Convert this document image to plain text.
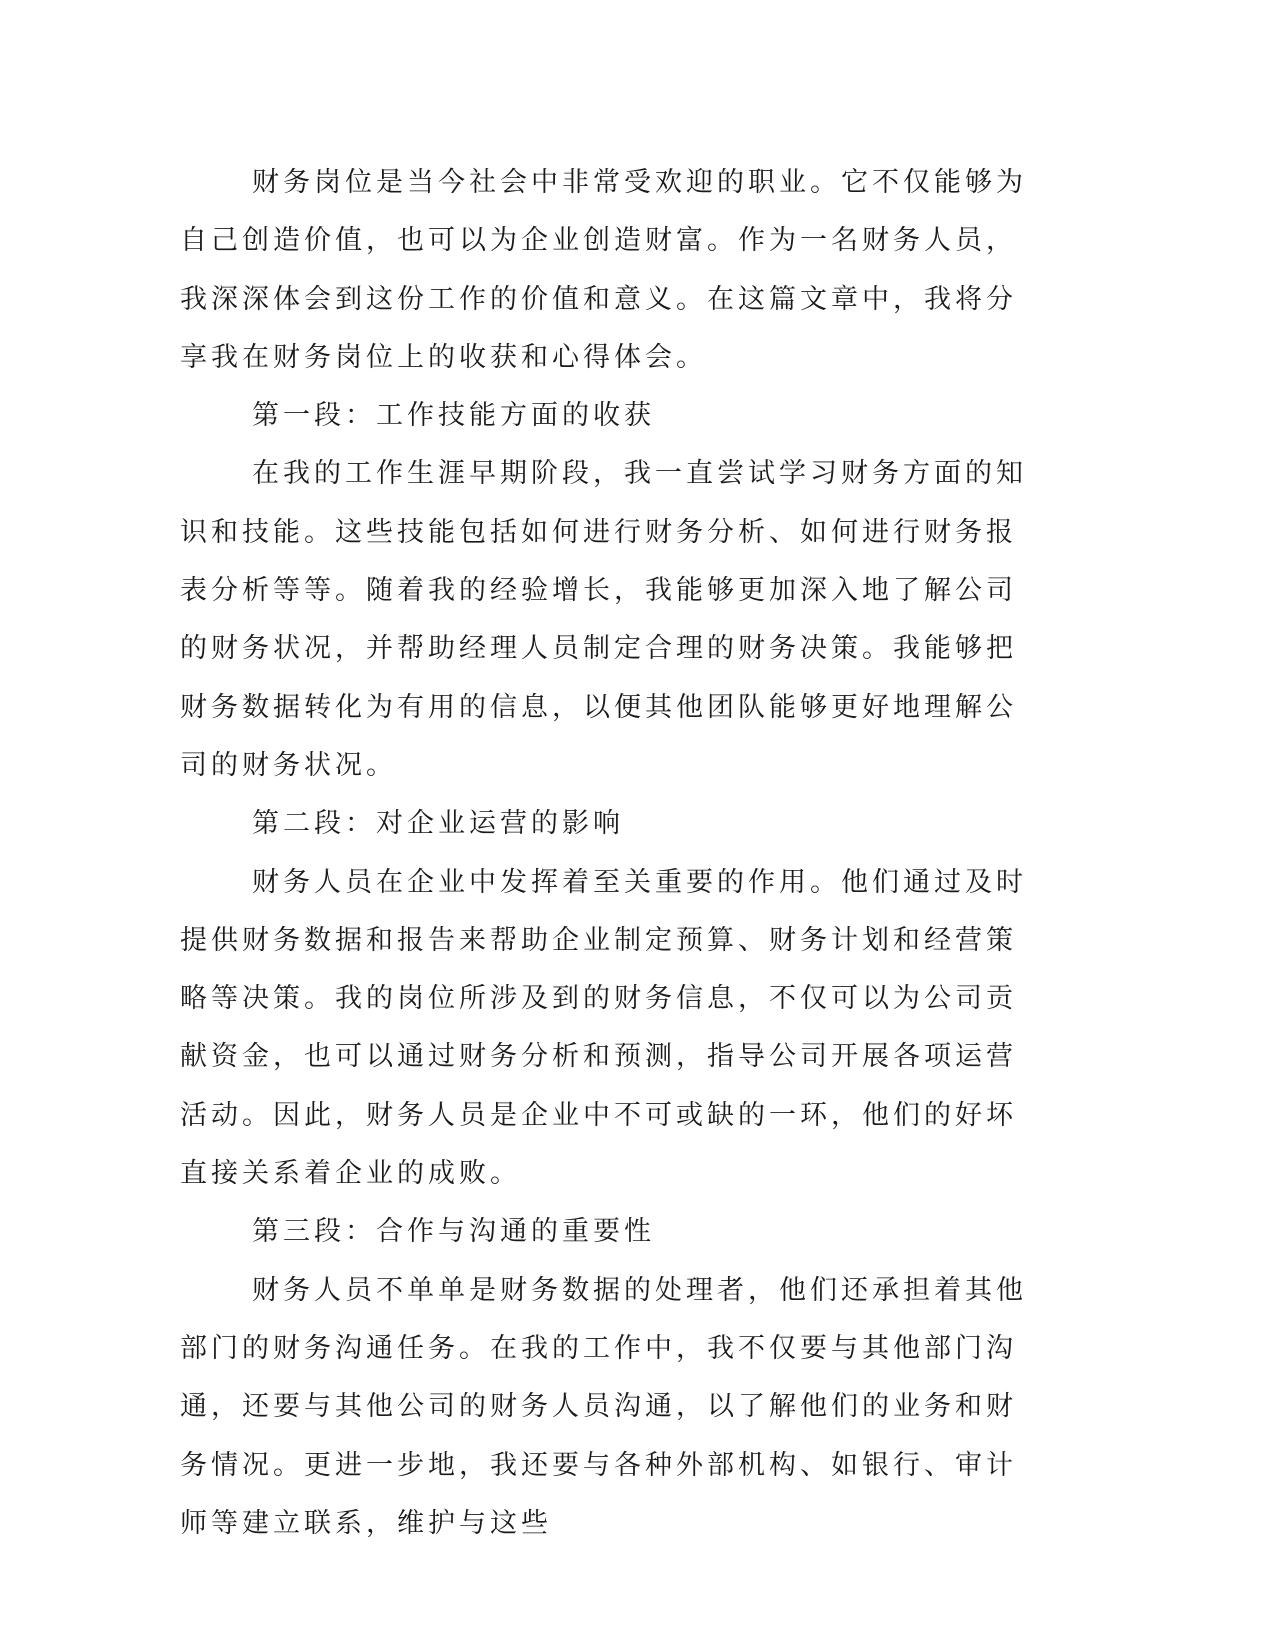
财务岗位是当今社会中非常受欢迎的职业。它不仅能够为自己创造价值，也可以为企业创造财富。作为一名财务人员，我深深体会到这份工作的价值和意义。在这篇文章中，我将分享我在财务岗位上的收获和心得体会。

第一段：工作技能方面的收获

在我的工作生涯早期阶段，我一直尝试学习财务方面的知识和技能。这些技能包括如何进行财务分析、如何进行财务报表分析等等。随着我的经验增长，我能够更加深入地了解公司的财务状况，并帮助经理人员制定合理的财务决策。我能够把财务数据转化为有用的信息，以便其他团队能够更好地理解公司的财务状况。

第二段：对企业运营的影响

财务人员在企业中发挥着至关重要的作用。他们通过及时提供财务数据和报告来帮助企业制定预算、财务计划和经营策略等决策。我的岗位所涉及到的财务信息，不仅可以为公司贡献资金，也可以通过财务分析和预测，指导公司开展各项运营活动。因此，财务人员是企业中不可或缺的一环，他们的好坏直接关系着企业的成败。

第三段：合作与沟通的重要性

财务人员不单单是财务数据的处理者，他们还承担着其他部门的财务沟通任务。在我的工作中，我不仅要与其他部门沟通，还要与其他公司的财务人员沟通，以了解他们的业务和财务情况。更进一步地，我还要与各种外部机构、如银行、审计师等建立联系，维护与这些
